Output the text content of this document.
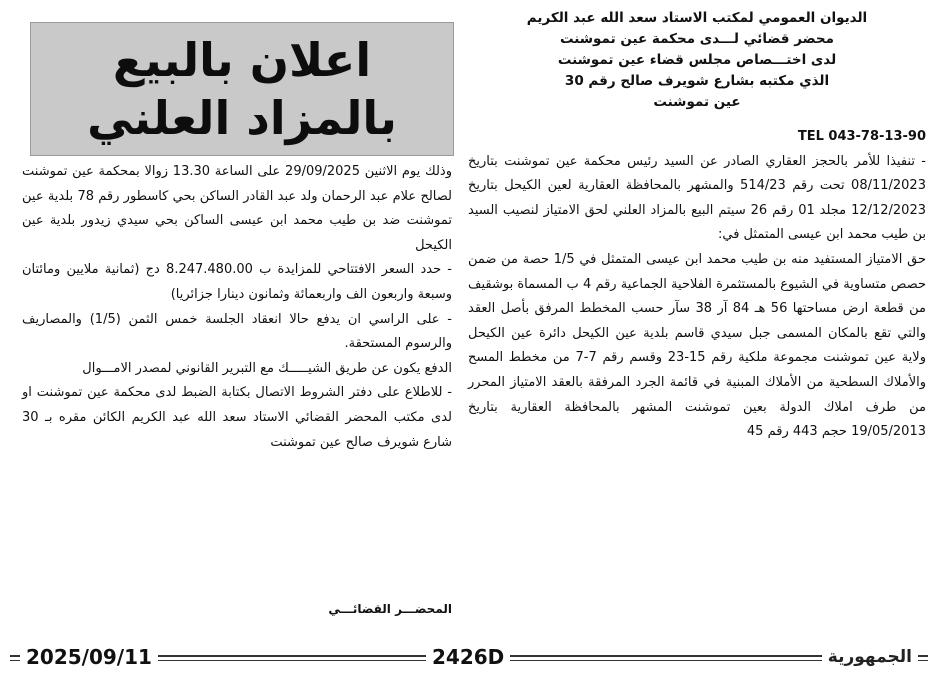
الديوان العمومي لمكتب الاستاد سعد الله عبد الكريم

محضر قضائي لـــدى محكمة عين تموشنت

لدى اختـــصاص مجلس قضاء عين تموشنت

الذي مكتبه بشارع شويرف صالح رقم 30

عين تموشنت

TEL 043-78-13-90

- تنفيذا للأمر بالحجز العقاري الصادر عن السيد رئيس محكمة عين تموشنت بتاريخ 08/11/2023 تحت رقم 514/23 والمشهر بالمحافظة العقارية لعين الكيحل بتاريخ 12/12/2023 مجلد 01 رقم 26 سيتم البيع بالمزاد العلني لحق الامتياز لنصيب السيد بن طيب محمد ابن عيسى المتمثل في:

حق الامتياز المستفيد منه بن طيب محمد ابن عيسى المتمثل في 1/5 حصة من ضمن حصص متساوية في الشيوع بالمستثمرة الفلاحية الجماعية رقم 4 ب المسماة بوشقيف من قطعة ارض مساحتها 56 هـ 84 آر 38 سآر حسب المخطط المرفق بأصل العقد والتي تقع بالمكان المسمى جبل سيدي قاسم بلدية عين الكيحل دائرة عين الكيحل ولاية عين تموشنت مجموعة ملكية رقم 15-23 وقسم رقم 7-7 من مخطط المسح والأملاك السطحية من الأملاك المبنية في قائمة الجرد المرفقة بالعقد الامتياز المحرر من طرف املاك الدولة بعين تموشنت المشهر بالمحافظة العقارية بتاريخ 19/05/2013 حجم 443 رقم 45

اعلان بالبيع
بالمزاد العلني

وذلك يوم الاثنين 29/09/2025 على الساعة 13.30 زوالا بمحكمة عين تموشنت لصالح علام عبد الرحمان ولد عبد القادر الساكن بحي كاسطور رقم 78 بلدية عين تموشنت ضد بن طيب محمد ابن عيسى الساكن بحي سيدي زيدور بلدية عين الكيحل

- حدد السعر الافتتاحي للمزايدة ب 8.247.480.00 دج (ثمانية ملايين ومائتان وسبعة واربعون الف واربعمائة وثمانون دينارا جزائريا)

- على الراسي ان يدفع حالا انعقاد الجلسة خمس الثمن (1/5) والمصاريف والرسوم المستحقة.

الدفع يكون عن طريق الشيـــــك مع التبرير القانوني لمصدر الامـــوال

- للاطلاع على دفتر الشروط الاتصال بكتابة الضبط لدى محكمة عين تموشنت او لدى مكتب المحضر القضائي الاستاد سعد الله عبد الكريم الكائن مقره بـ 30 شارع شويرف صالح عين تموشنت

المحضـــر القضائـــي
2025/09/11	2426D	الجمهورية
